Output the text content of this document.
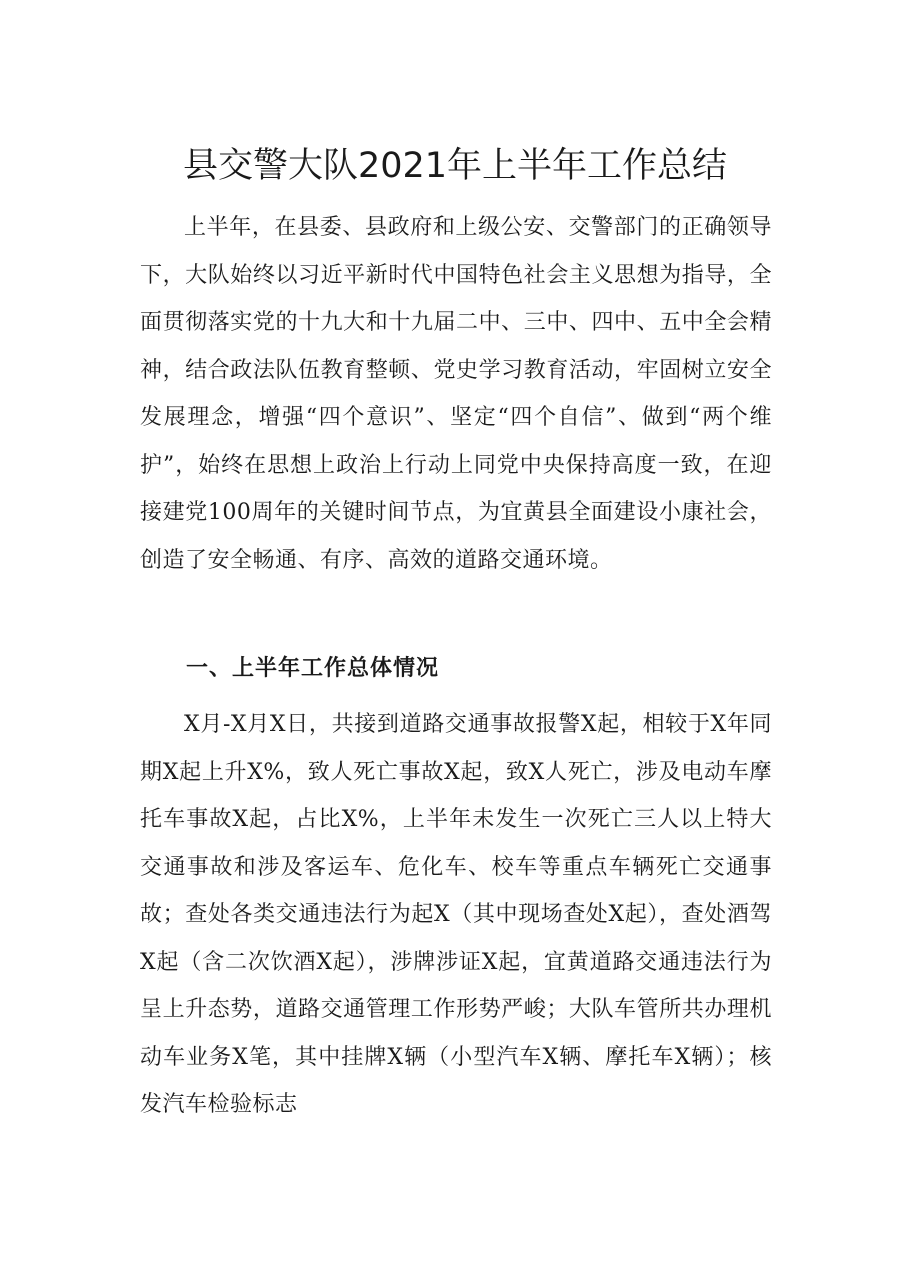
县交警大队2021年上半年工作总结

上半年，在县委、县政府和上级公安、交警部门的正确领导下，大队始终以习近平新时代中国特色社会主义思想为指导，全面贯彻落实党的十九大和十九届二中、三中、四中、五中全会精神，结合政法队伍教育整顿、党史学习教育活动，牢固树立安全发展理念，增强“四个意识”、坚定“四个自信”、做到“两个维护”，始终在思想上政治上行动上同党中央保持高度一致，在迎接建党100周年的关键时间节点，为宜黄县全面建设小康社会，创造了安全畅通、有序、高效的道路交通环境。

一、上半年工作总体情况

X月-X月X日，共接到道路交通事故报警X起，相较于X年同期X起上升X%，致人死亡事故X起，致X人死亡，涉及电动车摩托车事故X起，占比X%，上半年未发生一次死亡三人以上特大交通事故和涉及客运车、危化车、校车等重点车辆死亡交通事故；查处各类交通违法行为起X（其中现场查处X起），查处酒驾X起（含二次饮酒X起），涉牌涉证X起，宜黄道路交通违法行为呈上升态势，道路交通管理工作形势严峻；大队车管所共办理机动车业务X笔，其中挂牌X辆（小型汽车X辆、摩托车X辆）；核发汽车检验标志
